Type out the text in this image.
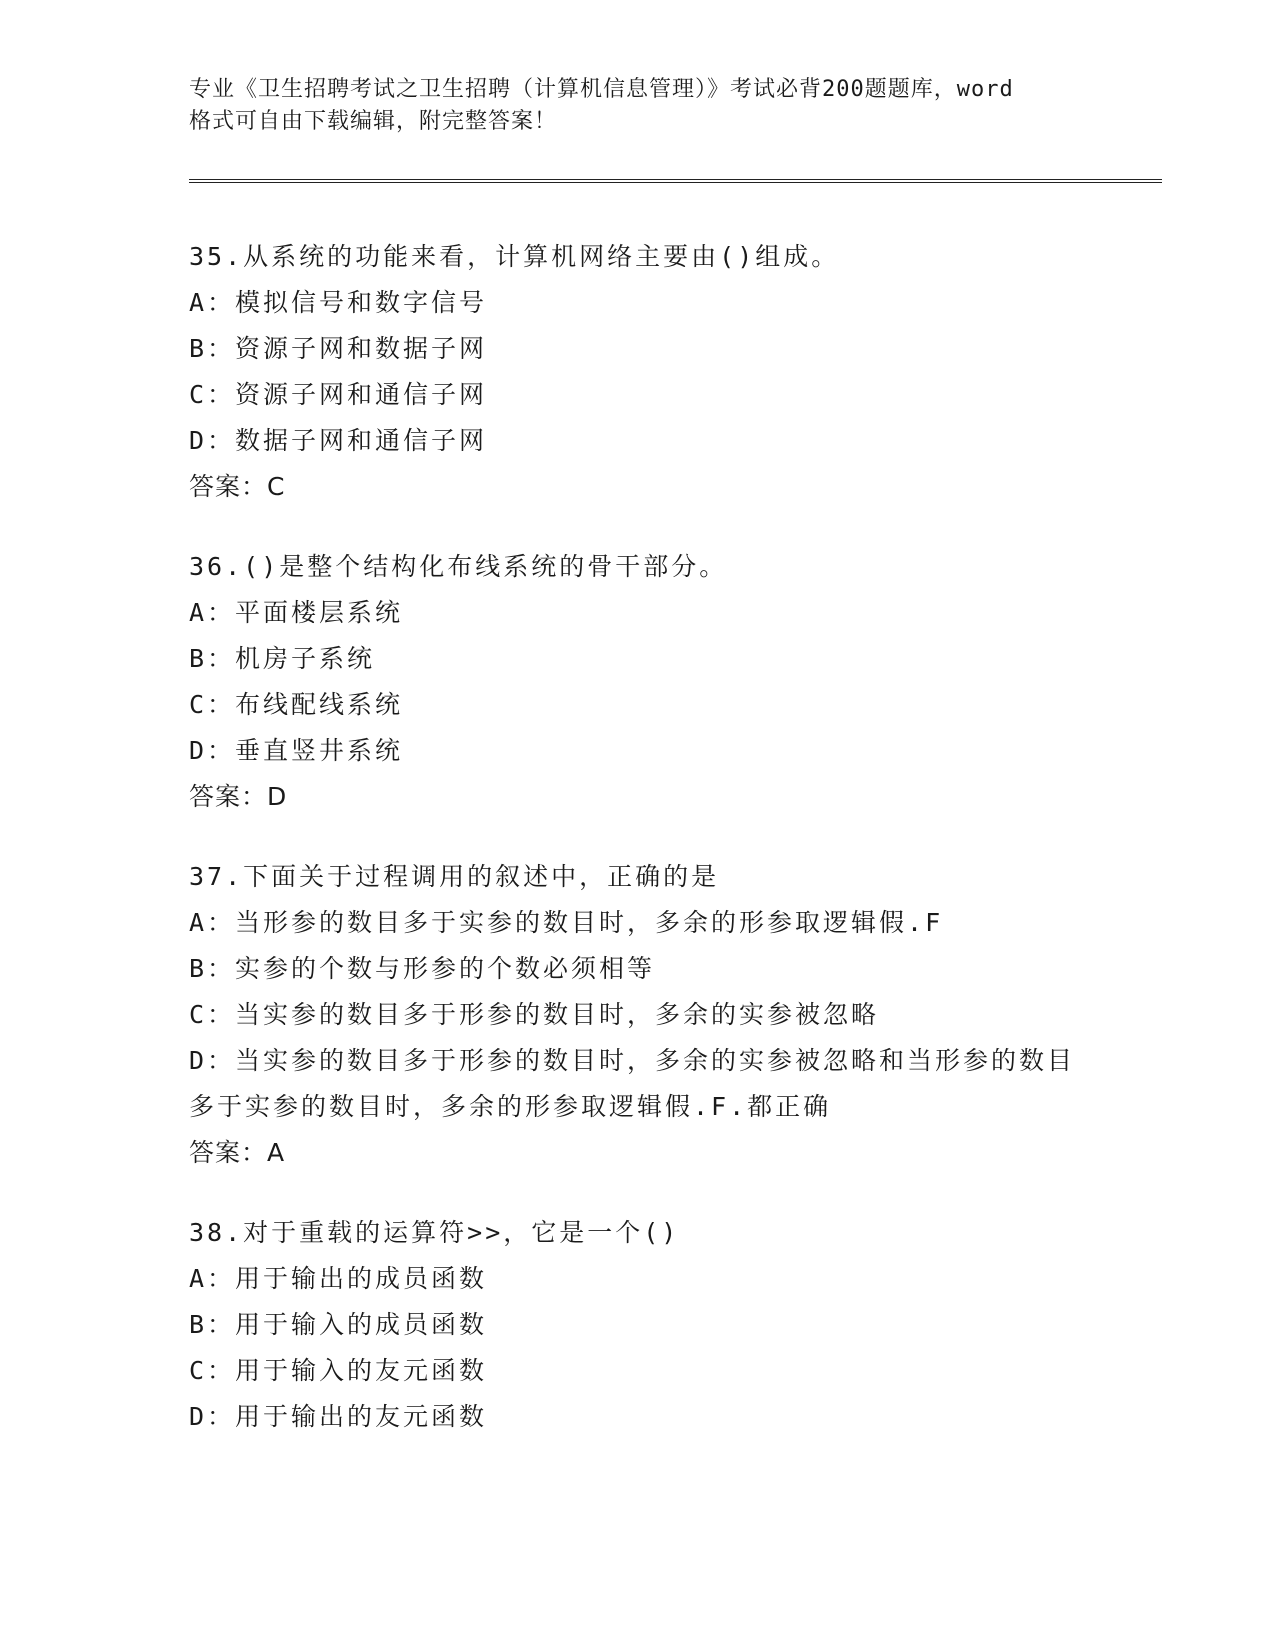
专业《卫生招聘考试之卫生招聘（计算机信息管理）》考试必背200题题库，word
格式可自由下载编辑，附完整答案！
35.从系统的功能来看，计算机网络主要由()组成。
A：模拟信号和数字信号
B：资源子网和数据子网
C：资源子网和通信子网
D：数据子网和通信子网
答案：C
36.()是整个结构化布线系统的骨干部分。
A：平面楼层系统
B：机房子系统
C：布线配线系统
D：垂直竖井系统
答案：D
37.下面关于过程调用的叙述中，正确的是
A：当形参的数目多于实参的数目时，多余的形参取逻辑假.F
B：实参的个数与形参的个数必须相等
C：当实参的数目多于形参的数目时，多余的实参被忽略
D：当实参的数目多于形参的数目时，多余的实参被忽略和当形参的数目多于实参的数目时，多余的形参取逻辑假.F.都正确
答案：A
38.对于重载的运算符>>，它是一个()
A：用于输出的成员函数
B：用于输入的成员函数
C：用于输入的友元函数
D：用于输出的友元函数
